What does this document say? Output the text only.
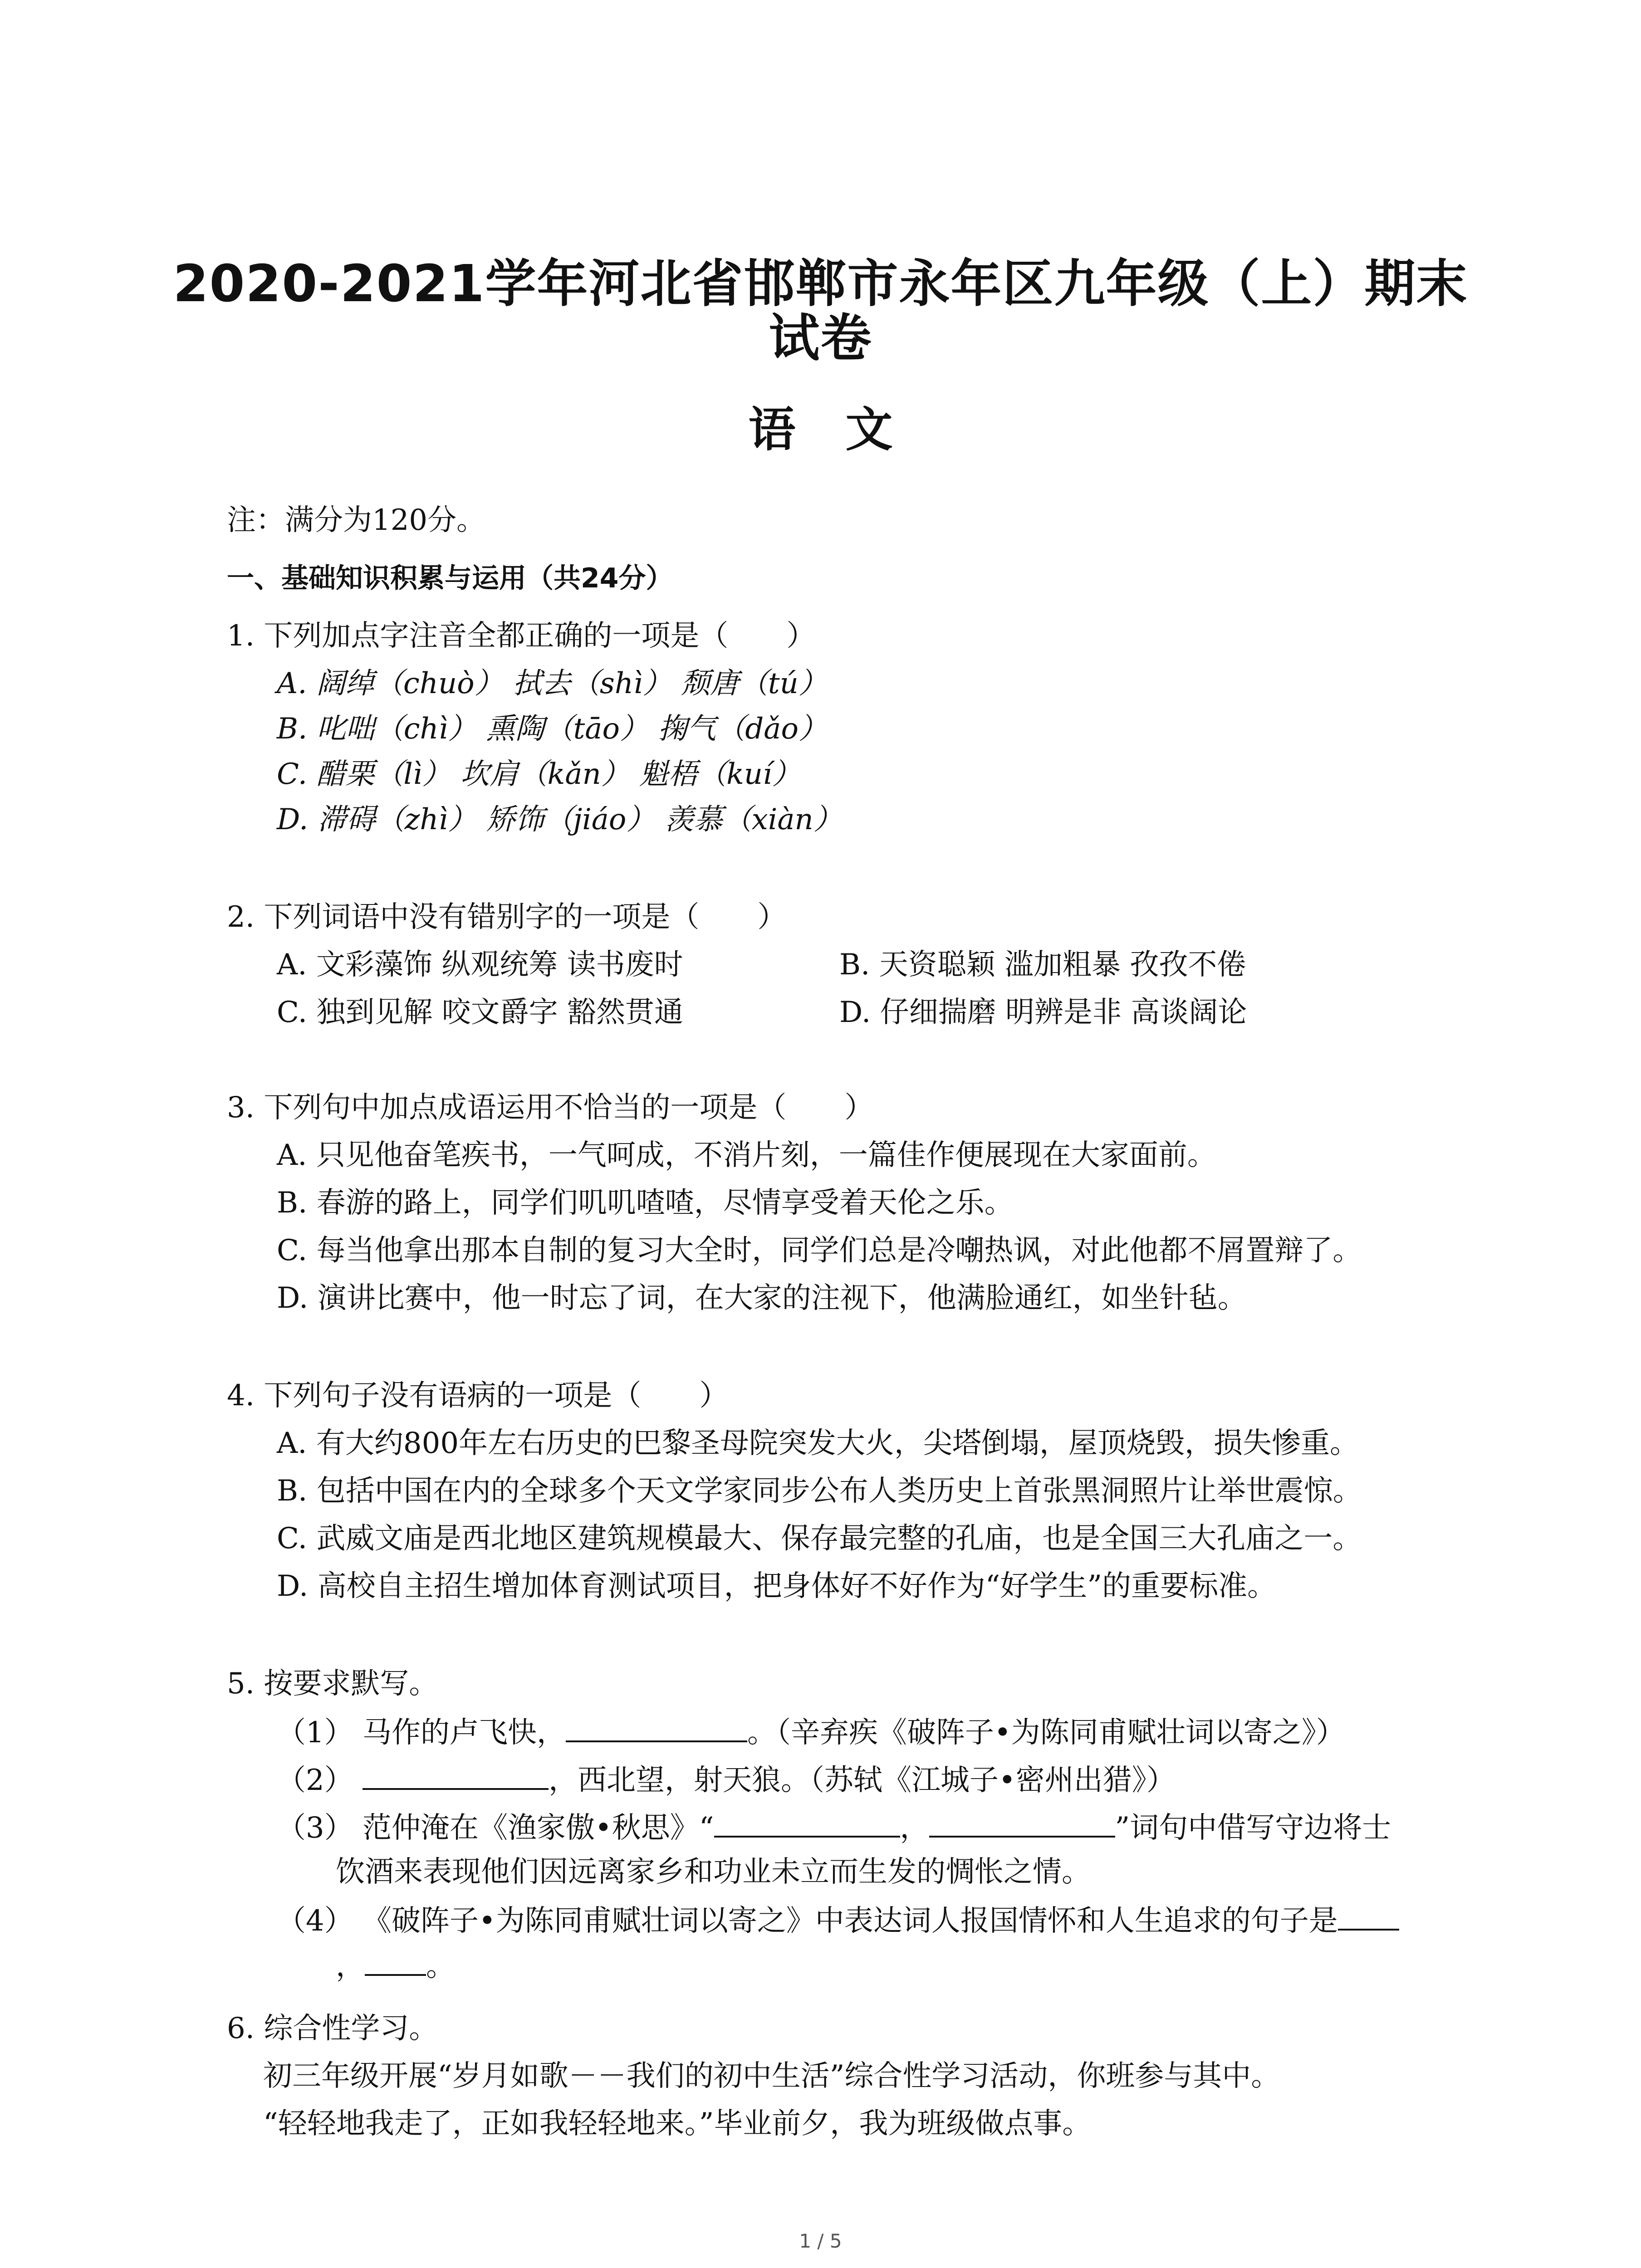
2020-2021学年河北省邯郸市永年区九年级（上）期末
试卷
语文
注：满分为120分。
一、基础知识积累与运用（共24分）
1. 下列加点字注音全都正确的一项是（　　）
A. 阔绰（chuò） 拭去（shì） 颓唐（tú）
B. 叱咄（chì） 熏陶（tāo） 掬气（dǎo）
C. 醋栗（lì） 坎肩（kǎn） 魁梧（kuí）
D. 滞碍（zhì） 矫饰（jiáo） 羡慕（xiàn）
2. 下列词语中没有错别字的一项是（　　）
A. 文彩藻饰 纵观统筹 读书废时	B. 天资聪颖 滥加粗暴 孜孜不倦
C. 独到见解 咬文爵字 豁然贯通	D. 仔细揣磨 明辨是非 高谈阔论
3. 下列句中加点成语运用不恰当的一项是（　　）
A. 只见他奋笔疾书，一气呵成，不消片刻，一篇佳作便展现在大家面前。
B. 春游的路上，同学们叽叽喳喳，尽情享受着天伦之乐。
C. 每当他拿出那本自制的复习大全时，同学们总是冷嘲热讽，对此他都不屑置辩了。
D. 演讲比赛中，他一时忘了词，在大家的注视下，他满脸通红，如坐针毡。
4. 下列句子没有语病的一项是（　　）
A. 有大约800年左右历史的巴黎圣母院突发大火，尖塔倒塌，屋顶烧毁，损失惨重。
B. 包括中国在内的全球多个天文学家同步公布人类历史上首张黑洞照片让举世震惊。
C. 武威文庙是西北地区建筑规模最大、保存最完整的孔庙，也是全国三大孔庙之一。
D. 高校自主招生增加体育测试项目，把身体好不好作为“好学生”的重要标准。
5. 按要求默写。
（1） 马作的卢飞快，	。（辛弃疾《破阵子•为陈同甫赋壮词以寄之》）
（2）	，西北望，射天狼。（苏轼《江城子•密州出猎》）
（3） 范仲淹在《渔家傲•秋思》“	，	”词句中借写守边将士
饮酒来表现他们因远离家乡和功业未立而生发的惆怅之情。
（4） 《破阵子•为陈同甫赋壮词以寄之》中表达词人报国情怀和人生追求的句子是
， 。
6. 综合性学习。
初三年级开展“岁月如歌－－我们的初中生活”综合性学习活动，你班参与其中。
“轻轻地我走了，正如我轻轻地来。”毕业前夕，我为班级做点事。
1 / 5
